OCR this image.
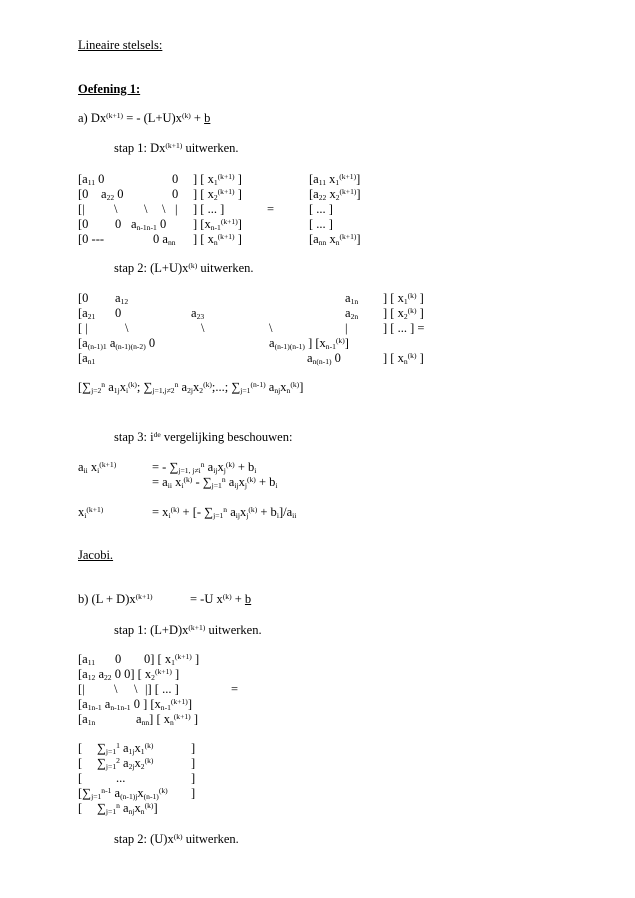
Lineaire stelsels:
Oefening 1:
a) $Dx^{(k+1)}$ = - $(L+U)x^{(k)} + b$
stap 1: $Dx^{(k+1)}$ uitwerken.
[a11 0	0 ] [ $x1^{(k+1)}$ ]	[a11 $x1^{(k+1)}$]
[0 a22 0	0 ] [ $x2^{(k+1)}$ ]	[a22 $x2^{(k+1)}$]
[| \ \ \ | ] [ ... ]	=	[ ... ]
[0 0 an-1n-1 0 ] $[xn-1^{(k+1)}]$	[ ... ]
[0 ---	0 ann ] [ $xn^{(k+1)}$ ]	[ann $xn^{(k+1)}$]
stap 2: $(L+U)x^{(k)}$ uitwerken.
[0 a12	a1n ] [ x1$^{(k)}$ ]
[a21 0	a23	a2n ] [ x2$^{(k)}$ ]
[ |	\	\	\	|	] [ ... ] =
[a(n-1)1 a(n-1)(n-2) 0	a(n-1)(n-1) ] [xn-1$^{(k)}$]
[an1	an(n-1) 0	] [ $xn^{(k)}$ ]
[$\sum j=2^n$ a1jxi$^{(k)}$; $\sum j=1,j\ne 2^n$ a2jx2$^{(k)}$;...; $\sum j=1^{(n-1)}$ anjxn$^{(k)}$]
stap 3: $i^{de}$ vergelijking beschouwen:
aii $xi^{(k+1)}$	= - ∑j=1, $j\ne i^n$ aijxj$^{(k)}$ + bi
= aii $xi^{(k)} - \sum j=1^n$ aijxj$^{(k)}$ + bi
$xi^{(k+1)}$	= $xi^{(k)}$ + [- $\sum j=1^n$ aijxj$^{(k)}$ + bi]/aii
Jacobi.
b) $(L + D)x^{(k+1)}$	= -U $x^{(k)} + b$
stap 1: $(L+D)x^{(k+1)}$ uitwerken.
[a11 0 0] [ $x1^{(k+1)}$ ]
[a12 a22 0 0] [ $x2^{(k+1)}$ ]
[| \ \ |] [ ... ]	=
[a1n-1 an-1n-1 0 ] $[xn-1^{(k+1)}]$
[a1n	ann] [ $xn^{(k+1)}$ ]
[ $\sum j=1^1$ a1jx1$^{(k)}$	]
[ $\sum j=1^2$ a2jx2$^{(k)}$	]
[	...	]
[$\sum j=1^{n-1}$ $a(n-1)jx(n-1)^{(k)}$ ]
[ $\sum j=1^n$ anjxn$^{(k)}$]
stap 2: $(U)x^{(k)}$ uitwerken.
